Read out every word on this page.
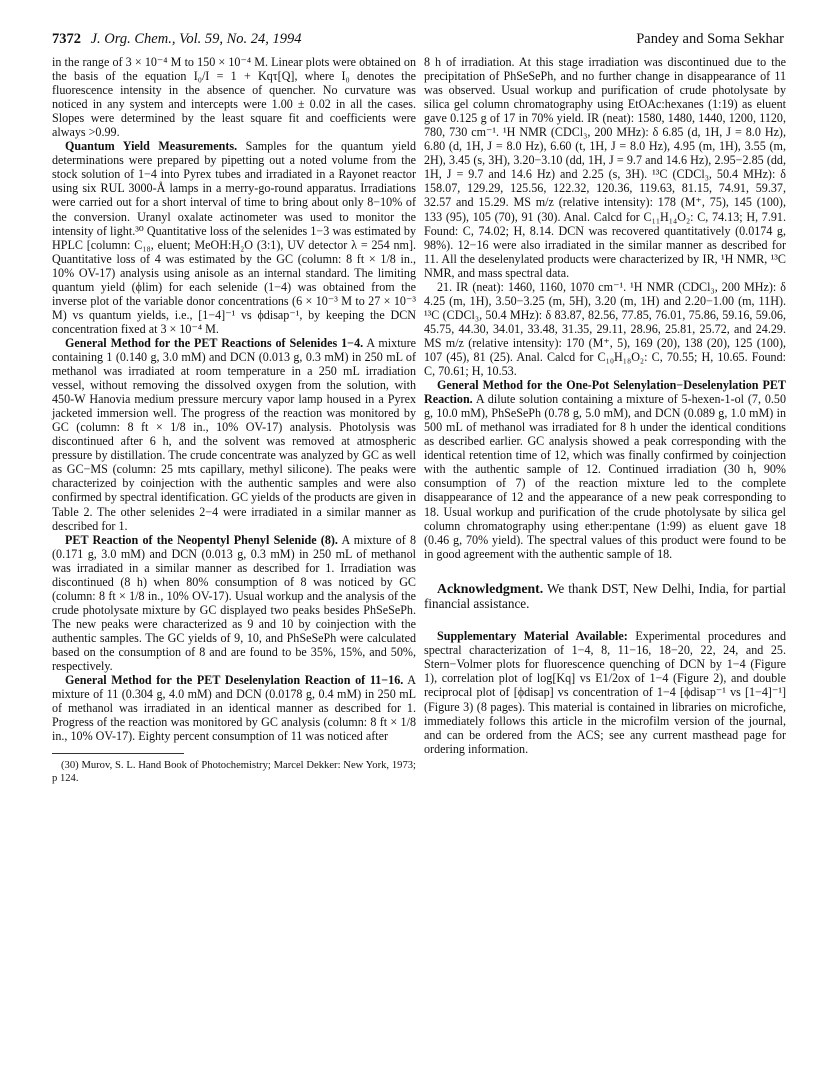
7372 J. Org. Chem., Vol. 59, No. 24, 1994	Pandey and Soma Sekhar

in the range of 3 × 10⁻⁴ M to 150 × 10⁻⁴ M. Linear plots were obtained on the basis of the equation I₀/I = 1 + Kqτ[Q], where I₀ denotes the fluorescence intensity in the absence of quencher. No curvature was noticed in any system and intercepts were 1.00 ± 0.02 in all the cases. Slopes were determined by the least square fit and coefficients were always >0.99.

Quantum Yield Measurements. Samples for the quantum yield determinations were prepared by pipetting out a noted volume from the stock solution of 1−4 into Pyrex tubes and irradiated in a Rayonet reactor using six RUL 3000-Å lamps in a merry-go-round apparatus. Irradiations were carried out for a short interval of time to bring about only 8−10% of the conversion. Uranyl oxalate actinometer was used to monitor the intensity of light.³⁰ Quantitative loss of the selenides 1−3 was estimated by HPLC [column: C₁₈, eluent; MeOH:H₂O (3:1), UV detector λ = 254 nm]. Quantitative loss of 4 was estimated by the GC (column: 8 ft × 1/8 in., 10% OV-17) analysis using anisole as an internal standard. The limiting quantum yield (ϕlim) for each selenide (1−4) was obtained from the inverse plot of the variable donor concentrations (6 × 10⁻³ M to 27 × 10⁻³ M) vs quantum yields, i.e., [1−4]⁻¹ vs ϕdisap⁻¹, by keeping the DCN concentration fixed at 3 × 10⁻⁴ M.

General Method for the PET Reactions of Selenides 1−4. A mixture containing 1 (0.140 g, 3.0 mM) and DCN (0.013 g, 0.3 mM) in 250 mL of methanol was irradiated at room temperature in a 250 mL irradiation vessel, without removing the dissolved oxygen from the solution, with 450-W Hanovia medium pressure mercury vapor lamp housed in a Pyrex jacketed immersion well. The progress of the reaction was monitored by GC (column: 8 ft × 1/8 in., 10% OV-17) analysis. Photolysis was discontinued after 6 h, and the solvent was removed at atmospheric pressure by distillation. The crude concentrate was analyzed by GC as well as GC−MS (column: 25 mts capillary, methyl silicone). The peaks were characterized by coinjection with the authentic samples and were also confirmed by spectral identification. GC yields of the products are given in Table 2. The other selenides 2−4 were irradiated in a similar manner as described for 1.

PET Reaction of the Neopentyl Phenyl Selenide (8). A mixture of 8 (0.171 g, 3.0 mM) and DCN (0.013 g, 0.3 mM) in 250 mL of methanol was irradiated in a similar manner as described for 1. Irradiation was discontinued (8 h) when 80% consumption of 8 was noticed by GC (column: 8 ft × 1/8 in., 10% OV-17). Usual workup and the analysis of the crude photolysate mixture by GC displayed two peaks besides PhSeSePh. The new peaks were characterized as 9 and 10 by coinjection with the authentic samples. The GC yields of 9, 10, and PhSeSePh were calculated based on the consumption of 8 and are found to be 35%, 15%, and 50%, respectively.

General Method for the PET Deselenylation Reaction of 11−16. A mixture of 11 (0.304 g, 4.0 mM) and DCN (0.0178 g, 0.4 mM) in 250 mL of methanol was irradiated in an identical manner as described for 1. Progress of the reaction was monitored by GC analysis (column: 8 ft × 1/8 in., 10% OV-17). Eighty percent consumption of 11 was noticed after

(30) Murov, S. L. Hand Book of Photochemistry; Marcel Dekker: New York, 1973; p 124.

8 h of irradiation. At this stage irradiation was discontinued due to the precipitation of PhSeSePh, and no further change in disappearance of 11 was observed. Usual workup and purification of crude photolysate by silica gel column chromatography using EtOAc:hexanes (1:19) as eluent gave 0.125 g of 17 in 70% yield. IR (neat): 1580, 1480, 1440, 1200, 1120, 780, 730 cm⁻¹. ¹H NMR (CDCl₃, 200 MHz): δ 6.85 (d, 1H, J = 8.0 Hz), 6.80 (d, 1H, J = 8.0 Hz), 6.60 (t, 1H, J = 8.0 Hz), 4.95 (m, 1H), 3.55 (m, 2H), 3.45 (s, 3H), 3.20−3.10 (dd, 1H, J = 9.7 and 14.6 Hz), 2.95−2.85 (dd, 1H, J = 9.7 and 14.6 Hz) and 2.25 (s, 3H). ¹³C (CDCl₃, 50.4 MHz): δ 158.07, 129.29, 125.56, 122.32, 120.36, 119.63, 81.15, 74.91, 59.37, 32.57 and 15.29. MS m/z (relative intensity): 178 (M⁺, 75), 145 (100), 133 (95), 105 (70), 91 (30). Anal. Calcd for C₁₁H₁₄O₂: C, 74.13; H, 7.91. Found: C, 74.02; H, 8.14. DCN was recovered quantitatively (0.0174 g, 98%). 12−16 were also irradiated in the similar manner as described for 11. All the deselenylated products were characterized by IR, ¹H NMR, ¹³C NMR, and mass spectral data.

21. IR (neat): 1460, 1160, 1070 cm⁻¹. ¹H NMR (CDCl₃, 200 MHz): δ 4.25 (m, 1H), 3.50−3.25 (m, 5H), 3.20 (m, 1H) and 2.20−1.00 (m, 11H). ¹³C (CDCl₃, 50.4 MHz): δ 83.87, 82.56, 77.85, 76.01, 75.86, 59.16, 59.06, 45.75, 44.30, 34.01, 33.48, 31.35, 29.11, 28.96, 25.81, 25.72, and 24.29. MS m/z (relative intensity): 170 (M⁺, 5), 169 (20), 138 (20), 125 (100), 107 (45), 81 (25). Anal. Calcd for C₁₀H₁₈O₂: C, 70.55; H, 10.65. Found: C, 70.61; H, 10.53.

General Method for the One-Pot Selenylation−Deselenylation PET Reaction. A dilute solution containing a mixture of 5-hexen-1-ol (7, 0.50 g, 10.0 mM), PhSeSePh (0.78 g, 5.0 mM), and DCN (0.089 g, 1.0 mM) in 500 mL of methanol was irradiated for 8 h under the identical conditions as described earlier. GC analysis showed a peak corresponding with the identical retention time of 12, which was finally confirmed by coinjection with the authentic sample of 12. Continued irradiation (30 h, 90% consumption of 7) of the reaction mixture led to the complete disappearance of 12 and the appearance of a new peak corresponding to 18. Usual workup and purification of the crude photolysate by silica gel column chromatography using ether:pentane (1:99) as eluent gave 18 (0.46 g, 70% yield). The spectral values of this product were found to be in good agreement with the authentic sample of 18.

Acknowledgment. We thank DST, New Delhi, India, for partial financial assistance.

Supplementary Material Available: Experimental procedures and spectral characterization of 1−4, 8, 11−16, 18−20, 22, 24, and 25. Stern−Volmer plots for fluorescence quenching of DCN by 1−4 (Figure 1), correlation plot of log[Kq] vs E1/2ox of 1−4 (Figure 2), and double reciprocal plot of [ϕdisap] vs concentration of 1−4 [ϕdisap⁻¹ vs [1−4]⁻¹] (Figure 3) (8 pages). This material is contained in libraries on microfiche, immediately follows this article in the microfilm version of the journal, and can be ordered from the ACS; see any current masthead page for ordering information.
